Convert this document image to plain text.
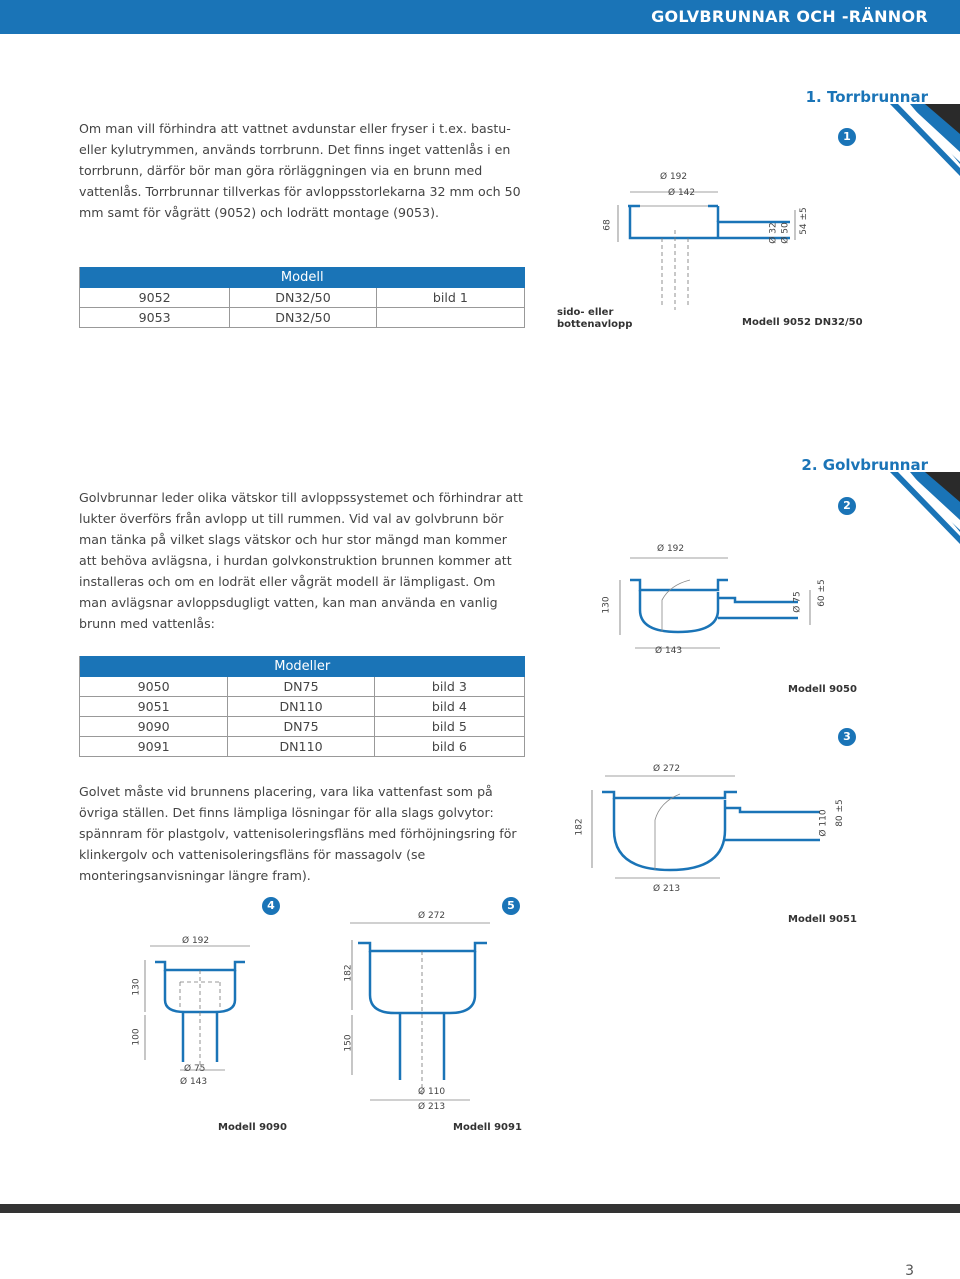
GOLVBRUNNAR OCH -RÄNNOR
1. Torrbrunnar
Om man vill förhindra att vattnet avdunstar eller fryser i t.ex. bastu- eller kylutrymmen, används torrbrunn. Det finns inget vattenlås i en torrbrunn, därför bör man göra rörläggningen via en brunn med vattenlås. Torrbrunnar tillverkas för avloppsstorlekarna 32 mm och 50 mm samt för vågrätt (9052) och lodrätt montage (9053).
Modell		
9052	DN32/50	bild 1
9053	DN32/50	
1
Ø 192
Ø 142
68	Ø 32 Ø 50 54 ±5
sido- eller bottenavlopp	Modell 9052 DN32/50
2. Golvbrunnar
Golvbrunnar leder olika vätskor till avloppssystemet och förhindrar att lukter överförs från avlopp ut till rummen. Vid val av golvbrunn bör man tänka på vilket slags vätskor och hur stor mängd man kommer att behöva avlägsna, i hurdan golvkonstruktion brunnen kommer att installeras och om en lodrät eller vågrät modell är lämpligast. Om man avlägsnar avloppsdugligt vatten, kan man använda en vanlig brunn med vattenlås:
Modeller		
9050	DN75	bild 3
9051	DN110	bild 4
9090	DN75	bild 5
9091	DN110	bild 6
Golvet måste vid brunnens placering, vara lika vattenfast som på övriga ställen. Det finns lämpliga lösningar för alla slags golvytor: spännram för plastgolv, vattenisoleringsfläns med förhöjningsring för klinkergolv och vattenisoleringsfläns för massagolv (se monteringsanvisningar längre fram).
2
Ø 192
130	Ø 75 60 ±5
Ø 143
Modell 9050
3
Ø 272
182	Ø 110 80 ±5
Ø 213
Modell 9051
4
Ø 192
130
100
Ø 75
Ø 143
Modell 9090
5
Ø 272
182
150
Ø 110
Ø 213
Modell 9091
3
